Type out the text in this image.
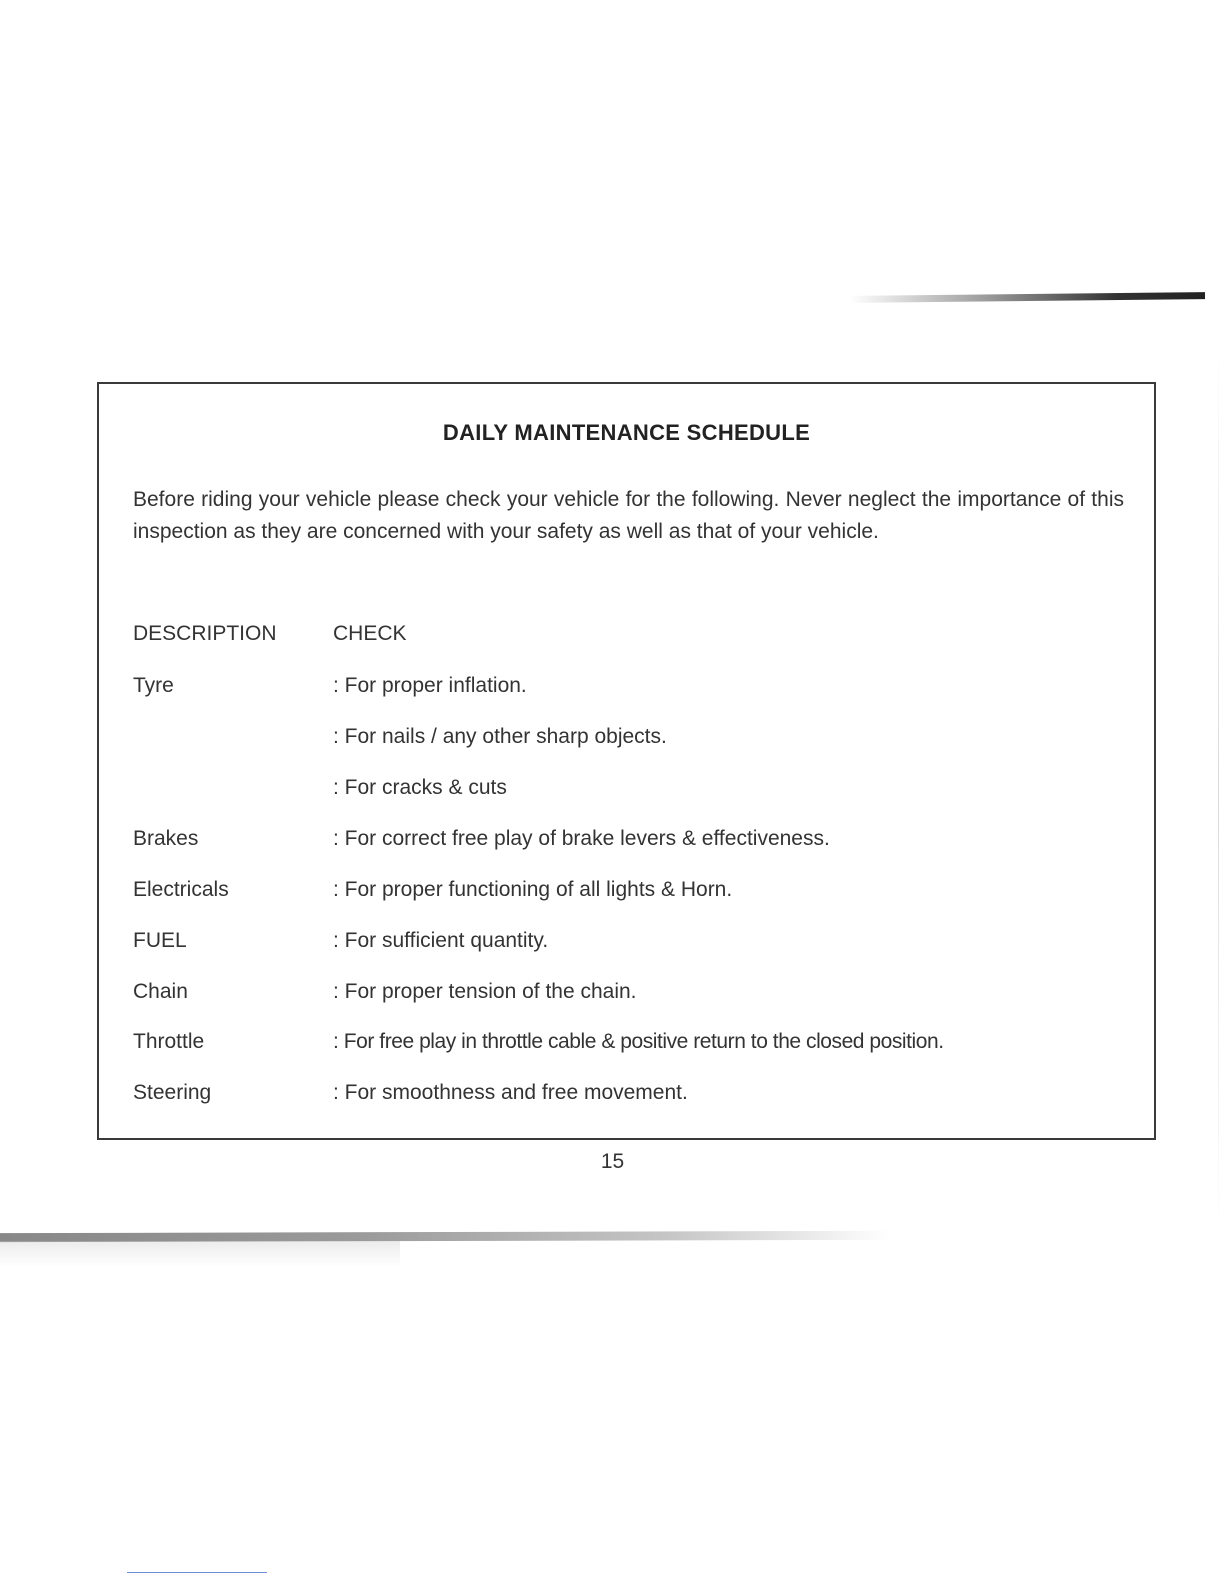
DAILY MAINTENANCE SCHEDULE
Before riding your vehicle please check your vehicle for the following. Never neglect the importance of this inspection as they are concerned with your safety as well as that of your vehicle.
DESCRIPTION	CHECK
Tyre	: For proper inflation.
: For nails / any other sharp objects.
: For cracks & cuts
Brakes	: For correct free play of brake levers & effectiveness.
Electricals	: For proper functioning of all lights & Horn.
FUEL	: For sufficient quantity.
Chain	: For proper tension of the chain.
Throttle	: For free play in throttle cable & positive return to the closed position.
Steering	: For smoothness and free movement.
15
